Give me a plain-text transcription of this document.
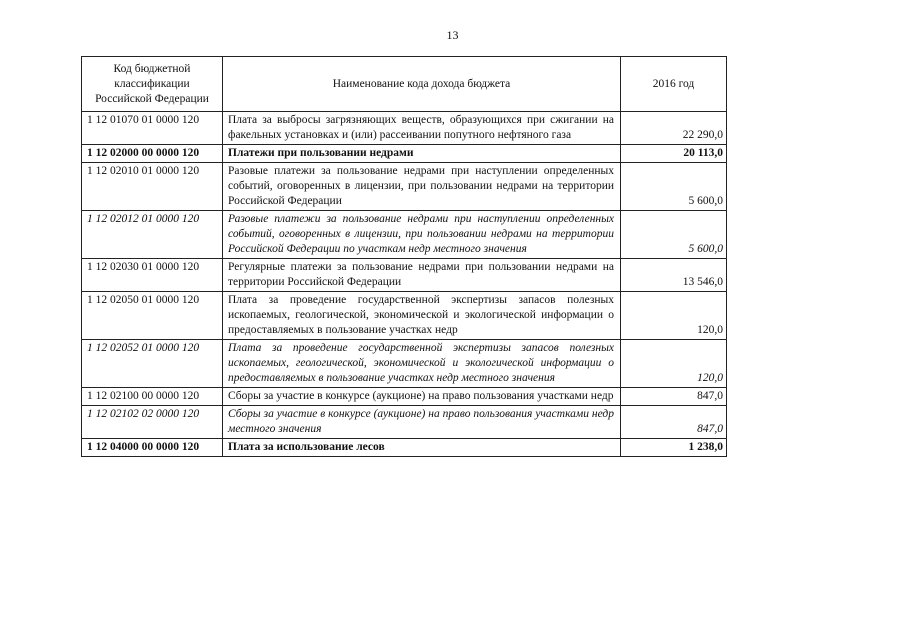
13
Код бюджетной классификации Российской Федерации	Наименование кода дохода бюджета	2016 год
1 12 01070 01 0000 120	Плата за выбросы загрязняющих веществ, образующихся при сжигании на факельных установках и (или) рассеивании попутного нефтяного газа	22 290,0
1 12 02000 00 0000 120	Платежи при пользовании недрами	20 113,0
1 12 02010 01 0000 120	Разовые платежи за пользование недрами при наступлении определенных событий, оговоренных в лицензии, при пользовании недрами на территории Российской Федерации	5 600,0
1 12 02012 01 0000 120	Разовые платежи за пользование недрами при наступлении определенных событий, оговоренных в лицензии, при пользовании недрами на территории Российской Федерации по участкам недр местного значения	5 600,0
1 12 02030 01 0000 120	Регулярные платежи за пользование недрами при пользовании недрами на территории Российской Федерации	13 546,0
1 12 02050 01 0000 120	Плата за проведение государственной экспертизы запасов полезных ископаемых, геологической, экономической и экологической информации о предоставляемых в пользование участках недр	120,0
1 12 02052 01 0000 120	Плата за проведение государственной экспертизы запасов полезных ископаемых, геологической, экономической и экологической информации о предоставляемых в пользование участках недр местного значения	120,0
1 12 02100 00 0000 120	Сборы за участие в конкурсе (аукционе) на право пользования участками недр	847,0
1 12 02102 02 0000 120	Сборы за участие в конкурсе (аукционе) на право пользования участками недр местного значения	847,0
1 12 04000 00 0000 120	Плата за использование лесов	1 238,0
